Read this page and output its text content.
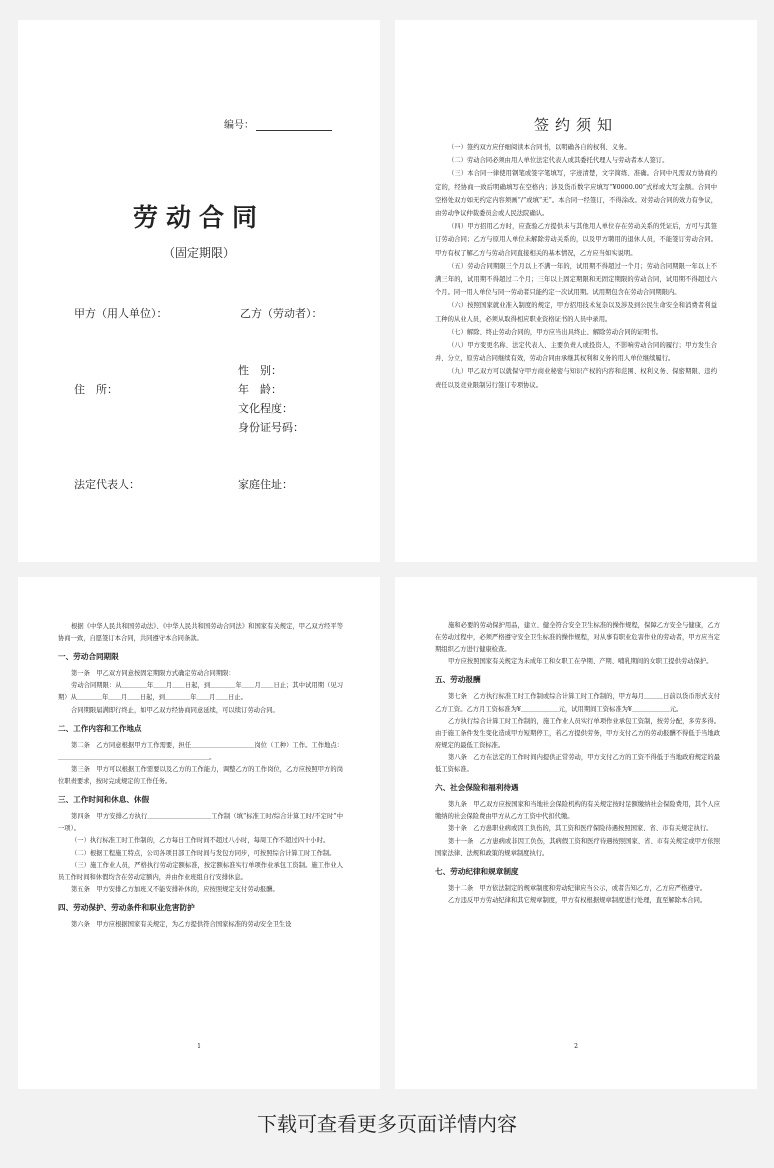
编号：
劳动合同
（固定期限）
甲方（用人单位）：	乙方（劳动者）：
性　别：
住　所：	年　龄：
文化程度：
身份证号码：
法定代表人：	家庭住址：
签约须知

（一）签约双方应仔细阅读本合同书，以明确各自的权利、义务。

（二）劳动合同必须由用人单位法定代表人或其委托代理人与劳动者本人签订。

（三）本合同一律使用钢笔或签字笔填写，字迹清楚，文字简练、准确。合同中凡需双方协商约定的，经协商一致后明确填写在空格内；涉及货币数字应填写“¥0000.00”式样或大写金额。合同中空格处双方如无约定内容须画“/”或填“无”。本合同一经签订，不得涂改。对劳动合同的效力有争议，由劳动争议仲裁委员会或人民法院确认。

（四）甲方招用乙方时，应查验乙方提供未与其他用人单位存在劳动关系的凭证后，方可与其签订劳动合同；乙方与原用人单位未解除劳动关系的，以及甲方聘用的退休人员，不能签订劳动合同。甲方有权了解乙方与劳动合同直接相关的基本情况，乙方应当如实说明。

（五）劳动合同期限三个月以上不满一年的，试用期不得超过一个月；劳动合同期限一年以上不满三年的，试用期不得超过二个月；三年以上固定期限和无固定期限的劳动合同，试用期不得超过六个月。同一用人单位与同一劳动者只能约定一次试用期。试用期包含在劳动合同期限内。

（六）按照国家就业准入制度的规定，甲方招用技术复杂以及涉及到公民生命安全和消费者利益工种的从业人员，必须从取得相应职业资格证书的人员中录用。

（七）解除、终止劳动合同的，甲方应当出具终止、解除劳动合同的证明书。

（八）甲方变更名称、法定代表人、主要负责人或投资人，不影响劳动合同的履行；甲方发生合并、分立，原劳动合同继续有效，劳动合同由承继其权利和义务的用人单位继续履行。

（九）甲乙双方可以就保守甲方商业秘密与知识产权的内容和范围、权利义务、保密期限、违约责任以及竞业限制另行签订专项协议。

根据《中华人民共和国劳动法》、《中华人民共和国劳动合同法》和国家有关规定，甲乙双方经平等协商一致，自愿签订本合同，共同遵守本合同条款。

一、劳动合同期限

第一条　甲乙双方同意按固定期限方式确定劳动合同期限：

劳动合同期限：从＿＿＿＿年＿＿月＿＿日起，到＿＿＿＿年＿＿月＿＿日止；其中试用期（见习期）从＿＿＿＿年＿＿月＿＿日起，到＿＿＿＿年＿＿月＿＿日止。

合同期限届满即行终止，如甲乙双方经协商同意延续，可以续订劳动合同。

二、工作内容和工作地点

第二条　乙方同意根据甲方工作需要，担任＿＿＿＿＿＿＿＿＿＿岗位（工种）工作。工作地点：＿＿＿＿＿＿＿＿＿＿＿＿＿＿＿＿＿＿＿＿＿＿＿＿。

第三条　甲方可以根据工作需要以及乙方的工作能力，调整乙方的工作岗位，乙方应按照甲方的岗位职责要求，按时完成规定的工作任务。

三、工作时间和休息、休假

第四条　甲方安排乙方执行＿＿＿＿＿＿＿＿＿＿工作制（填“标准工时/综合计算工时/不定时”中一项）。

（一）执行标准工时工作制的，乙方每日工作时间不超过八小时，每周工作不超过四十小时。

（二）根据工程施工特点，公司各项目部工作时间与发包方同步，可按照综合计算工时工作制。

（三）施工作业人员，严格执行劳动定额标准，按定额标准实行单项作业承包工资制。施工作业人员工作时间和休假均含在劳动定额内，并由作业班组自行安排休息。

第五条　甲方安排乙方加班又不能安排补休的，应按照规定支付劳动报酬。

四、劳动保护、劳动条件和职业危害防护

第六条　甲方应根据国家有关规定，为乙方提供符合国家标准的劳动安全卫生设

1

施和必要的劳动保护用品，建立、健全符合安全卫生标准的操作规程，保障乙方安全与健康，乙方在劳动过程中，必须严格遵守安全卫生标准的操作规程，对从事有职业危害作业的劳动者，甲方应当定期组织乙方进行健康检查。

甲方应按照国家有关规定为未成年工和女职工在孕期、产期、哺乳期间的女职工提供劳动保护。

五、劳动报酬

第七条　乙方执行标准工时工作制或综合计算工时工作制的，甲方每月＿＿＿日前以货币形式支付乙方工资。乙方月工资标准为¥＿＿＿＿＿＿元，试用期间工资标准为¥＿＿＿＿＿＿元。

乙方执行综合计算工时工作制的，施工作业人员实行单项作业承包工资制，按劳分配，多劳多得。由于施工条件发生变化造成甲方短期停工，若乙方提供劳务，甲方支付乙方的劳动报酬不得低于当地政府规定的最低工资标准。

第八条　乙方在法定的工作时间内提供正常劳动，甲方支付乙方的工资不得低于当地政府规定的最低工资标准。

六、社会保险和福利待遇

第九条　甲乙双方应按国家和当地社会保险机构的有关规定按时足额缴纳社会保险费用，其个人应缴纳的社会保险费由甲方从乙方工资中代扣代缴。

第十条　乙方患职业病或因工负伤的，其工资和医疗保险待遇按照国家、省、市有关规定执行。

第十一条　乙方患病或非因工负伤，其病假工资和医疗待遇按照国家、省、市有关规定或甲方依照国家法律、法规和政策的规章制度执行。

七、劳动纪律和规章制度

第十二条　甲方依法制定的规章制度和劳动纪律应当公示，或者告知乙方，乙方应严格遵守。

乙方违反甲方劳动纪律和其它规章制度，甲方有权根据规章制度进行处理，直至解除本合同。

2
下载可查看更多页面详情内容
